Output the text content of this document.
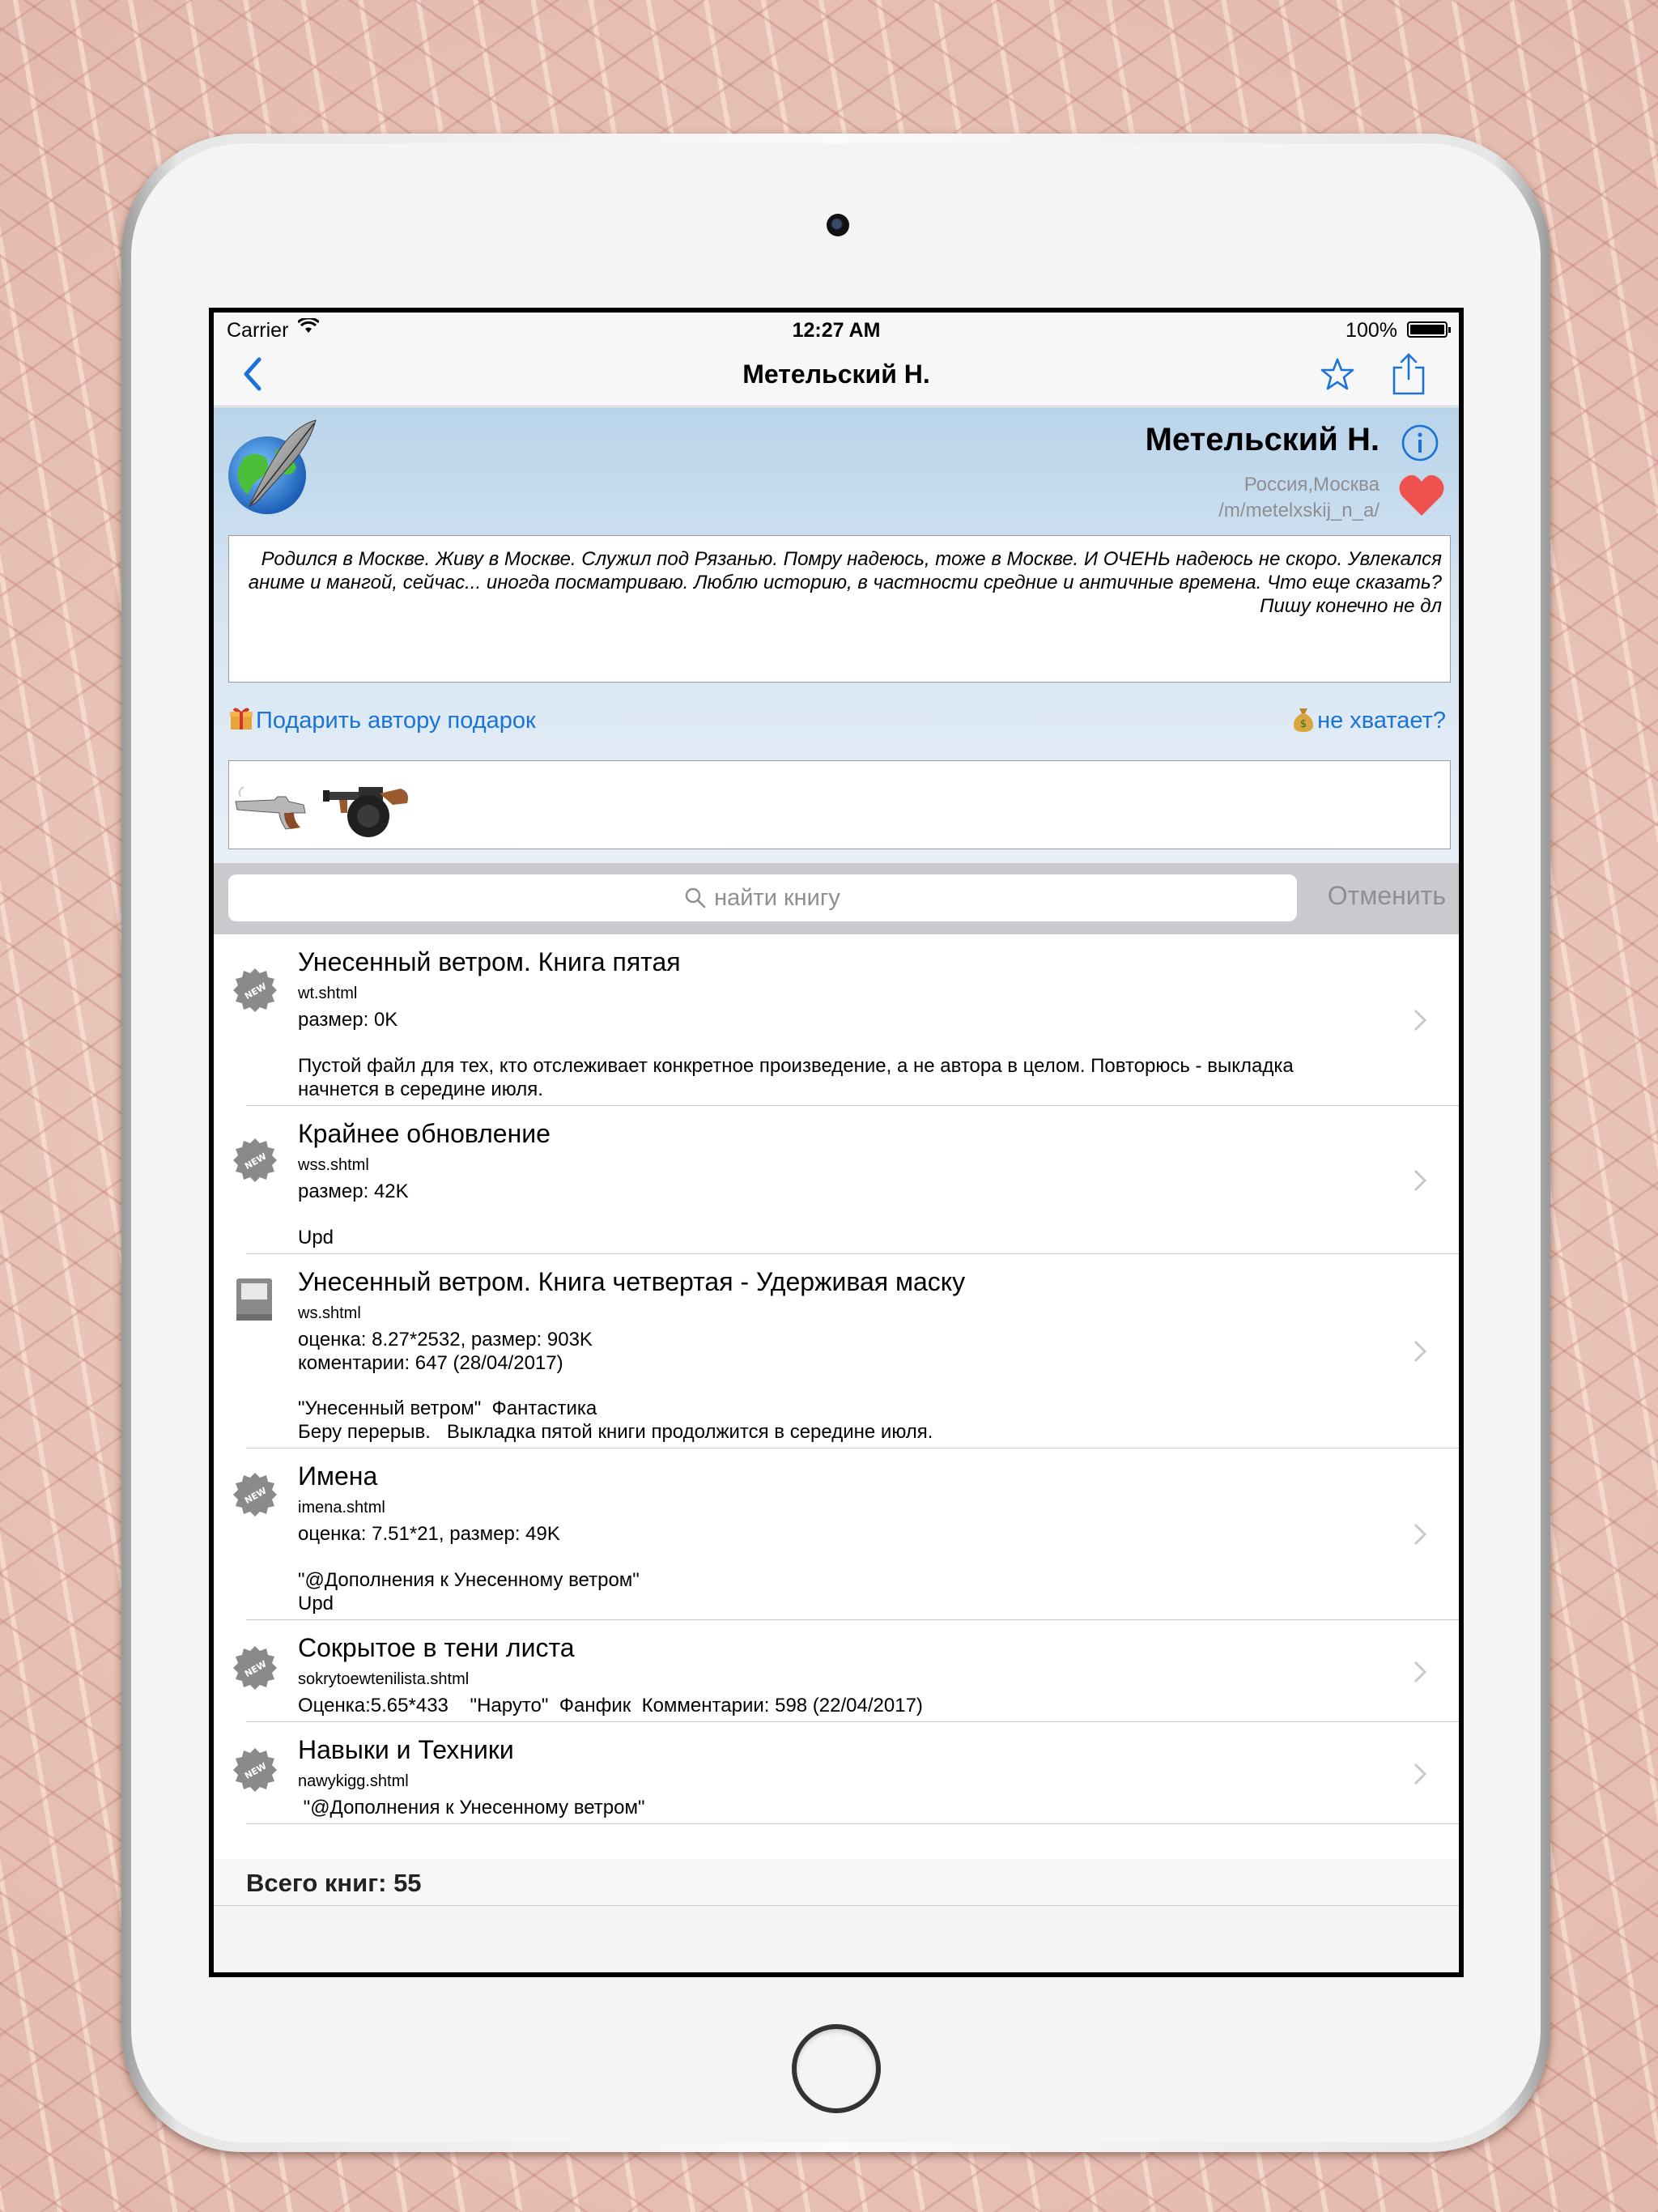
Carrier	12:27 AM	100%
Метельский Н.
Метельский Н.
Россия,Москва
/m/metelxskij_n_a/
Родился в Москве. Живу в Москве. Служил под Рязанью. Помру надеюсь, тоже в Москве. И ОЧЕНЬ надеюсь не скоро. Увлекался аниме и мангой, сейчас... иногда посматриваю. Люблю историю, в частности средние и античные времена. Что еще сказать? Пишу конечно не дл
Подарить автору подарок	$ не хватает?
найти книгу	Отменить
NEW
Унесенный ветром. Книга пятая
wt.shtml
размер: 0K
Пустой файл для тех, кто отслеживает конкретное произведение, а не автора в целом. Повторюсь - выкладка начнется в середине июля.
NEW
Крайнее обновление
wss.shtml
размер: 42K
Upd
Унесенный ветром. Книга четвертая - Удерживая маску
ws.shtml
оценка: 8.27*2532, размер: 903K
коментарии: 647 (28/04/2017)
"Унесенный ветром"  Фантастика
Беру перерыв.   Выкладка пятой книги продолжится в середине июля.
NEW
Имена
imena.shtml
оценка: 7.51*21, размер: 49K
"@Дополнения к Унесенному ветром"
Upd
NEW
Сокрытое в тени листа
sokrytoewtenilista.shtml
Оценка:5.65*433    "Наруто"  Фанфик  Комментарии: 598 (22/04/2017)
NEW
Навыки и Техники
nawykigg.shtml
"@Дополнения к Унесенному ветром"
Всего книг: 55
